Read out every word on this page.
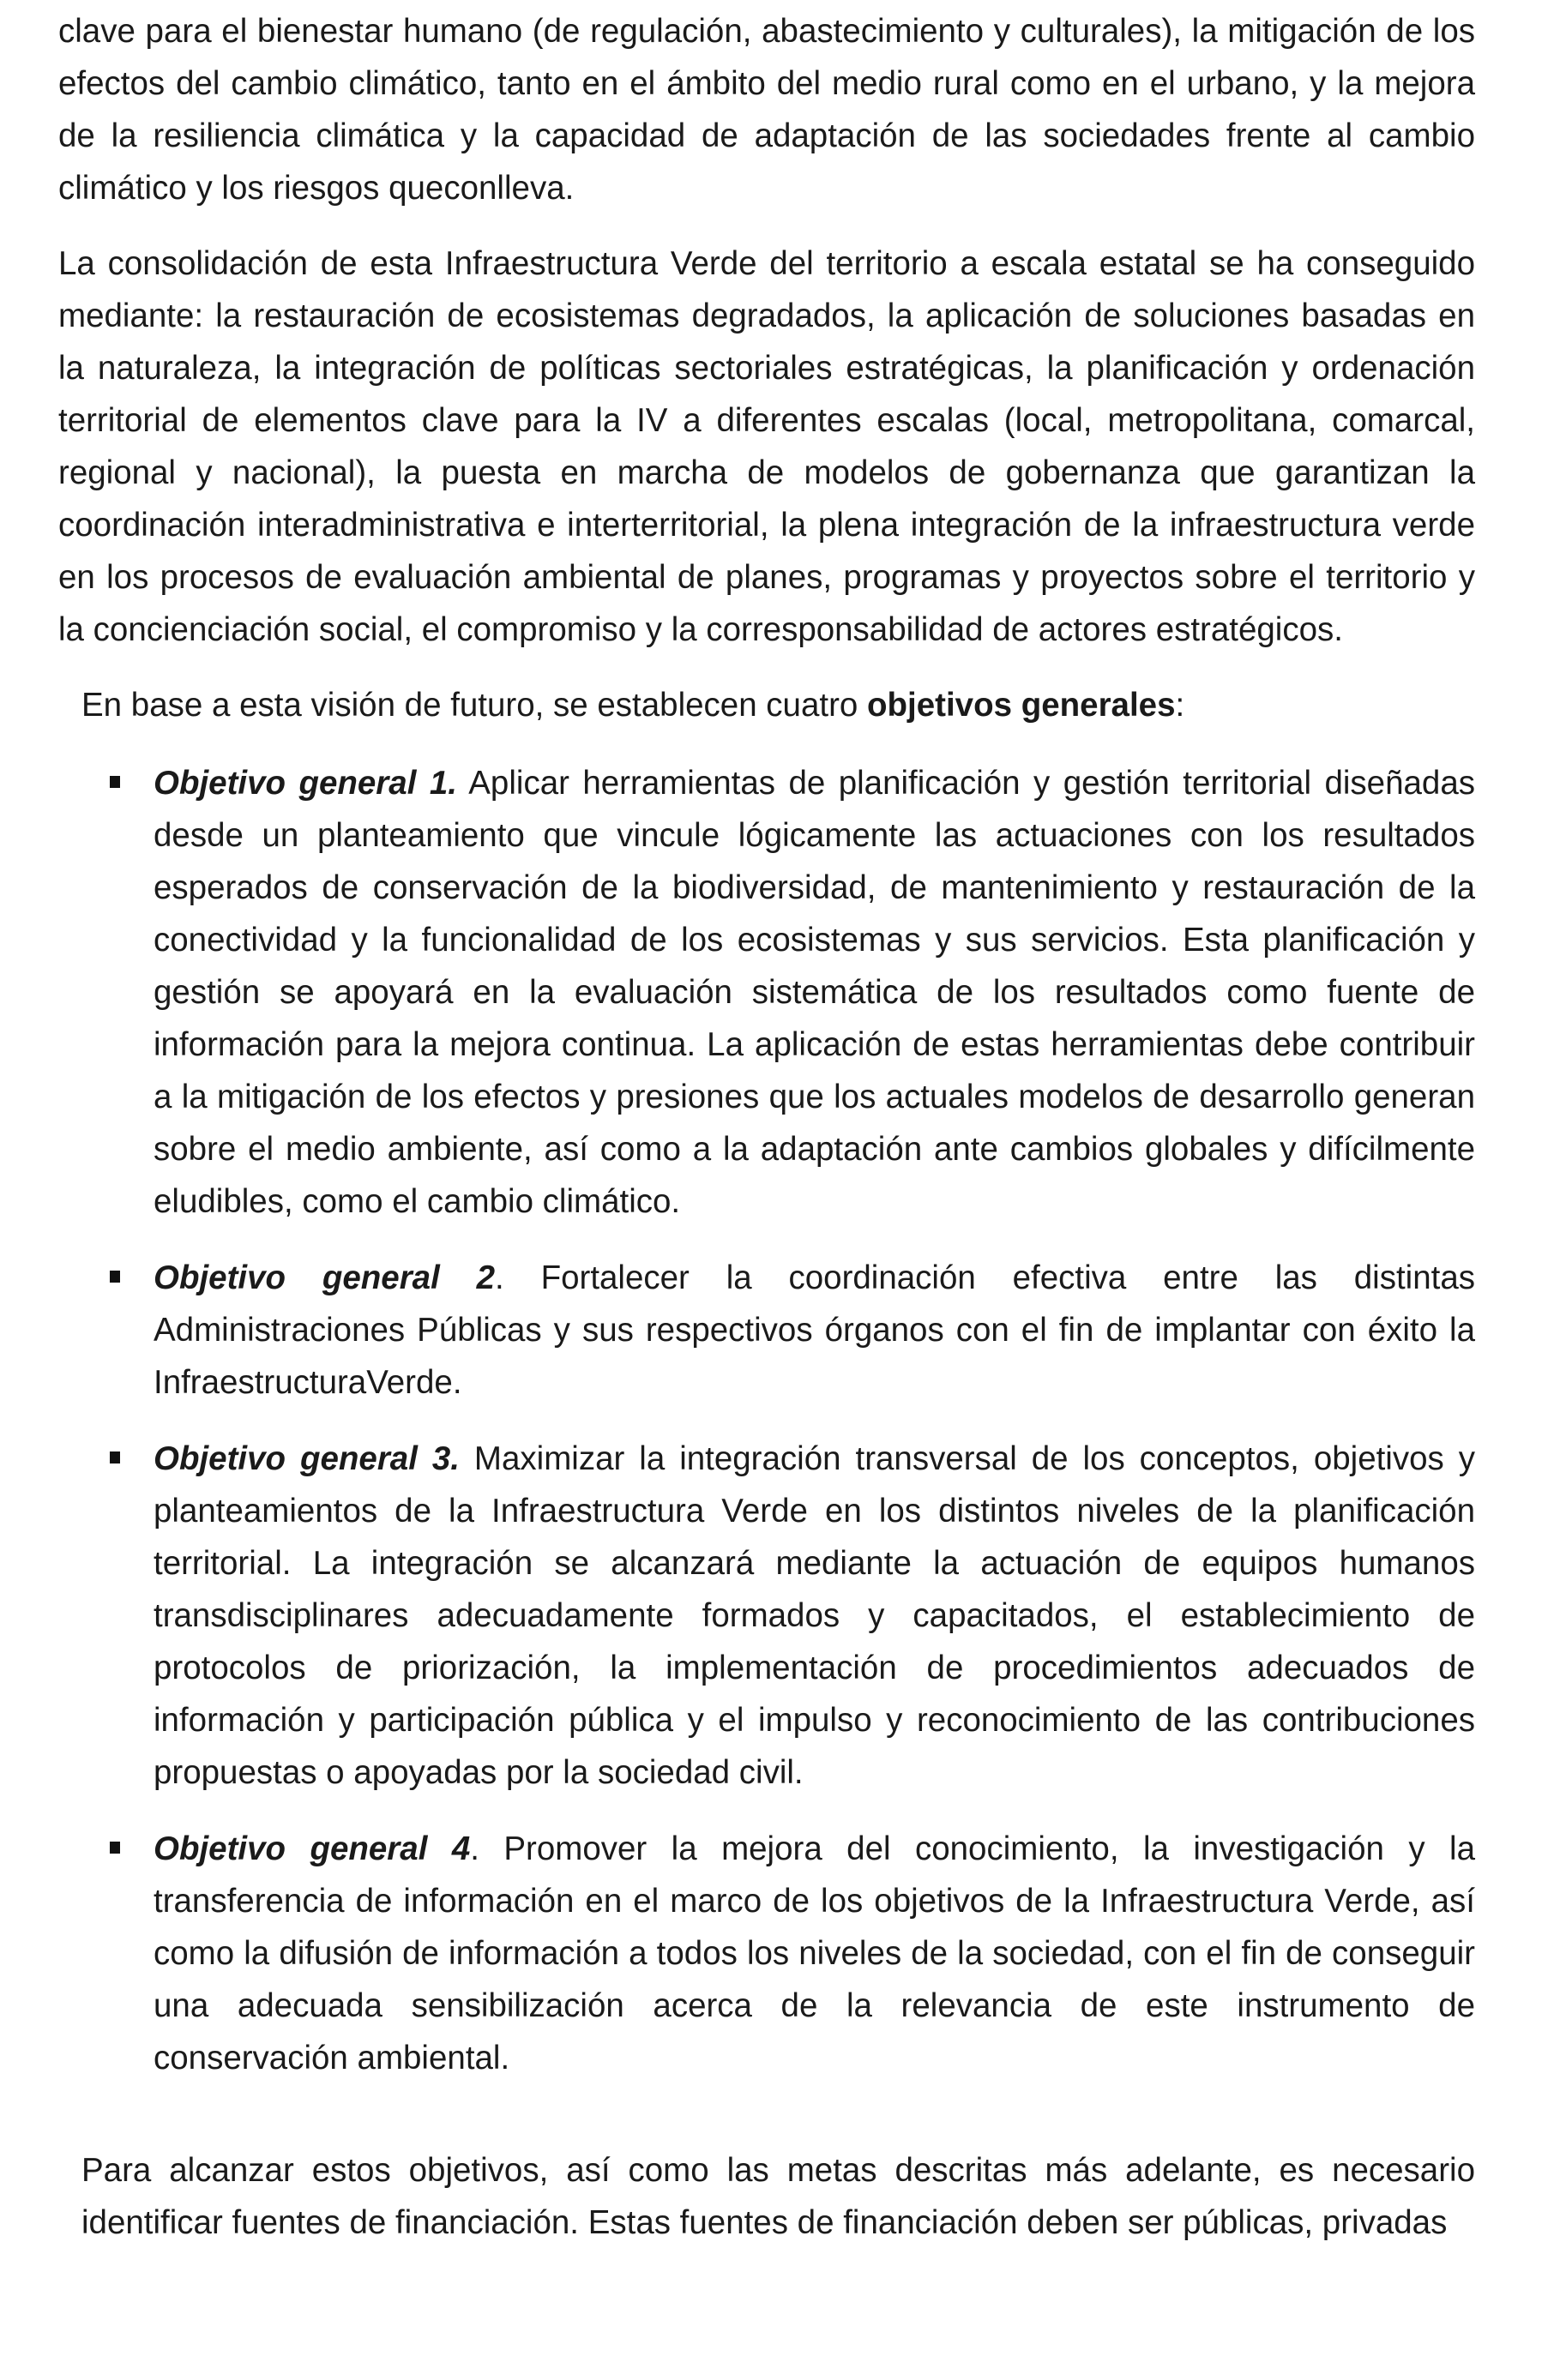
clave para el bienestar humano (de regulación, abastecimiento y culturales), la mitigación de los efectos del cambio climático, tanto en el ámbito del medio rural como en el urbano, y la mejora de la resiliencia climática y la capacidad de adaptación de las sociedades frente al cambio climático y los riesgos queconlleva.

La consolidación de esta Infraestructura Verde del territorio a escala estatal se ha conseguido mediante: la restauración de ecosistemas degradados, la aplicación de soluciones basadas en la naturaleza, la integración de políticas sectoriales estratégicas, la planificación y ordenación territorial de elementos clave para la IV a diferentes escalas (local, metropolitana, comarcal, regional y nacional), la puesta en marcha de modelos de gobernanza que garantizan la coordinación interadministrativa e interterritorial, la plena integración de la infraestructura verde en los procesos de evaluación ambiental de planes, programas y proyectos sobre el territorio y la concienciación social, el compromiso y la corresponsabilidad de actores estratégicos.

En base a esta visión de futuro, se establecen cuatro objetivos generales:

Objetivo general 1. Aplicar herramientas de planificación y gestión territorial diseñadas desde un planteamiento que vincule lógicamente las actuaciones con los resultados esperados de conservación de la biodiversidad, de mantenimiento y restauración de la conectividad y la funcionalidad de los ecosistemas y sus servicios. Esta planificación y gestión se apoyará en la evaluación sistemática de los resultados como fuente de información para la mejora continua. La aplicación de estas herramientas debe contribuir a la mitigación de los efectos y presiones que los actuales modelos de desarrollo generan sobre el medio ambiente, así como a la adaptación ante cambios globales y difícilmente eludibles, como el cambio climático.
Objetivo general 2. Fortalecer la coordinación efectiva entre las distintas Administraciones Públicas y sus respectivos órganos con el fin de implantar con éxito la InfraestructuraVerde.
Objetivo general 3. Maximizar la integración transversal de los conceptos, objetivos y planteamientos de la Infraestructura Verde en los distintos niveles de la planificación territorial. La integración se alcanzará mediante la actuación de equipos humanos transdisciplinares adecuadamente formados y capacitados, el establecimiento de protocolos de priorización, la implementación de procedimientos adecuados de información y participación pública y el impulso y reconocimiento de las contribuciones propuestas o apoyadas por la sociedad civil.
Objetivo general 4. Promover la mejora del conocimiento, la investigación y la transferencia de información en el marco de los objetivos de la Infraestructura Verde, así como la difusión de información a todos los niveles de la sociedad, con el fin de conseguir una adecuada sensibilización acerca de la relevancia de este instrumento de conservación ambiental.

Para alcanzar estos objetivos, así como las metas descritas más adelante, es necesario identificar fuentes de financiación. Estas fuentes de financiación deben ser públicas, privadas
